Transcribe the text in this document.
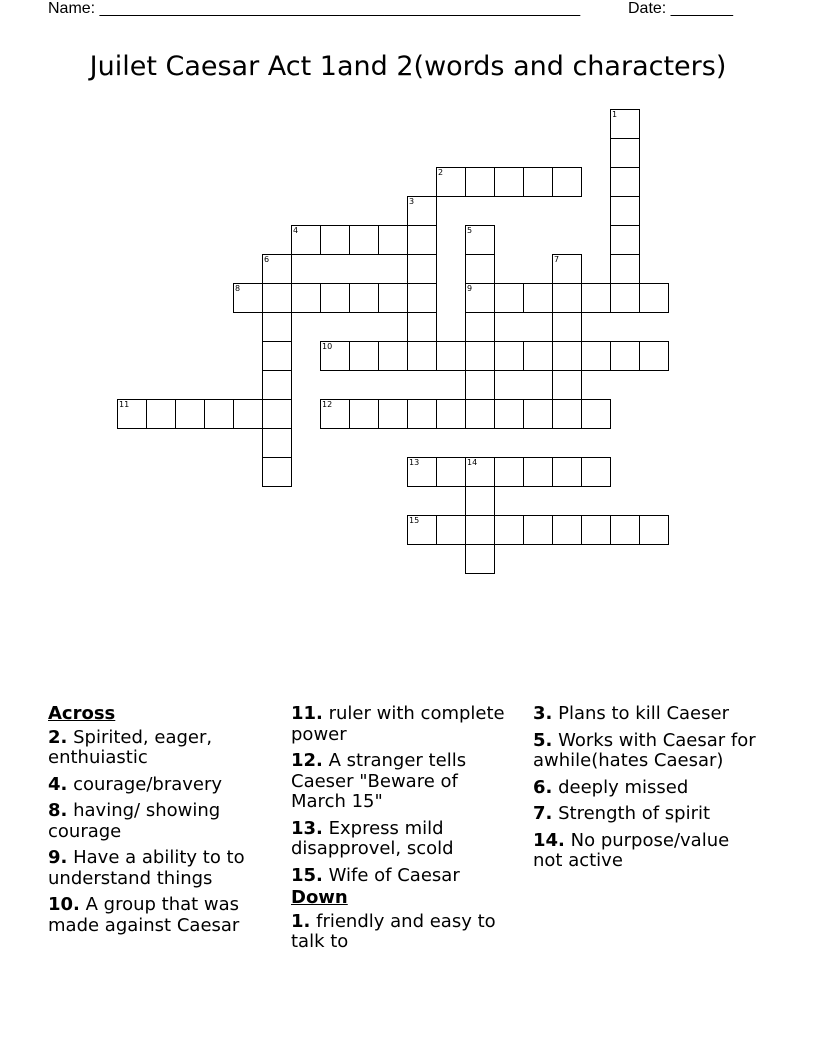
Name: ______________________________________________________	Date: _______
Juilet Caesar Act 1and 2(words and characters)
1
2
3
4	5
9
6	7
8
10
11	12
13	14
15
Across
2. Spirited, eager, enthuiastic
4. courage/bravery
8. having/ showing courage
9. Have a ability to to understand things
10. A group that was made against Caesar
11. ruler with complete power
12. A stranger tells Caeser "Beware of March 15"
13. Express mild disapprovel, scold
15. Wife of Caesar
Down
1. friendly and easy to talk to
3. Plans to kill Caeser
5. Works with Caesar for awhile(hates Caesar)
6. deeply missed
7. Strength of spirit
14. No purpose/value not active
